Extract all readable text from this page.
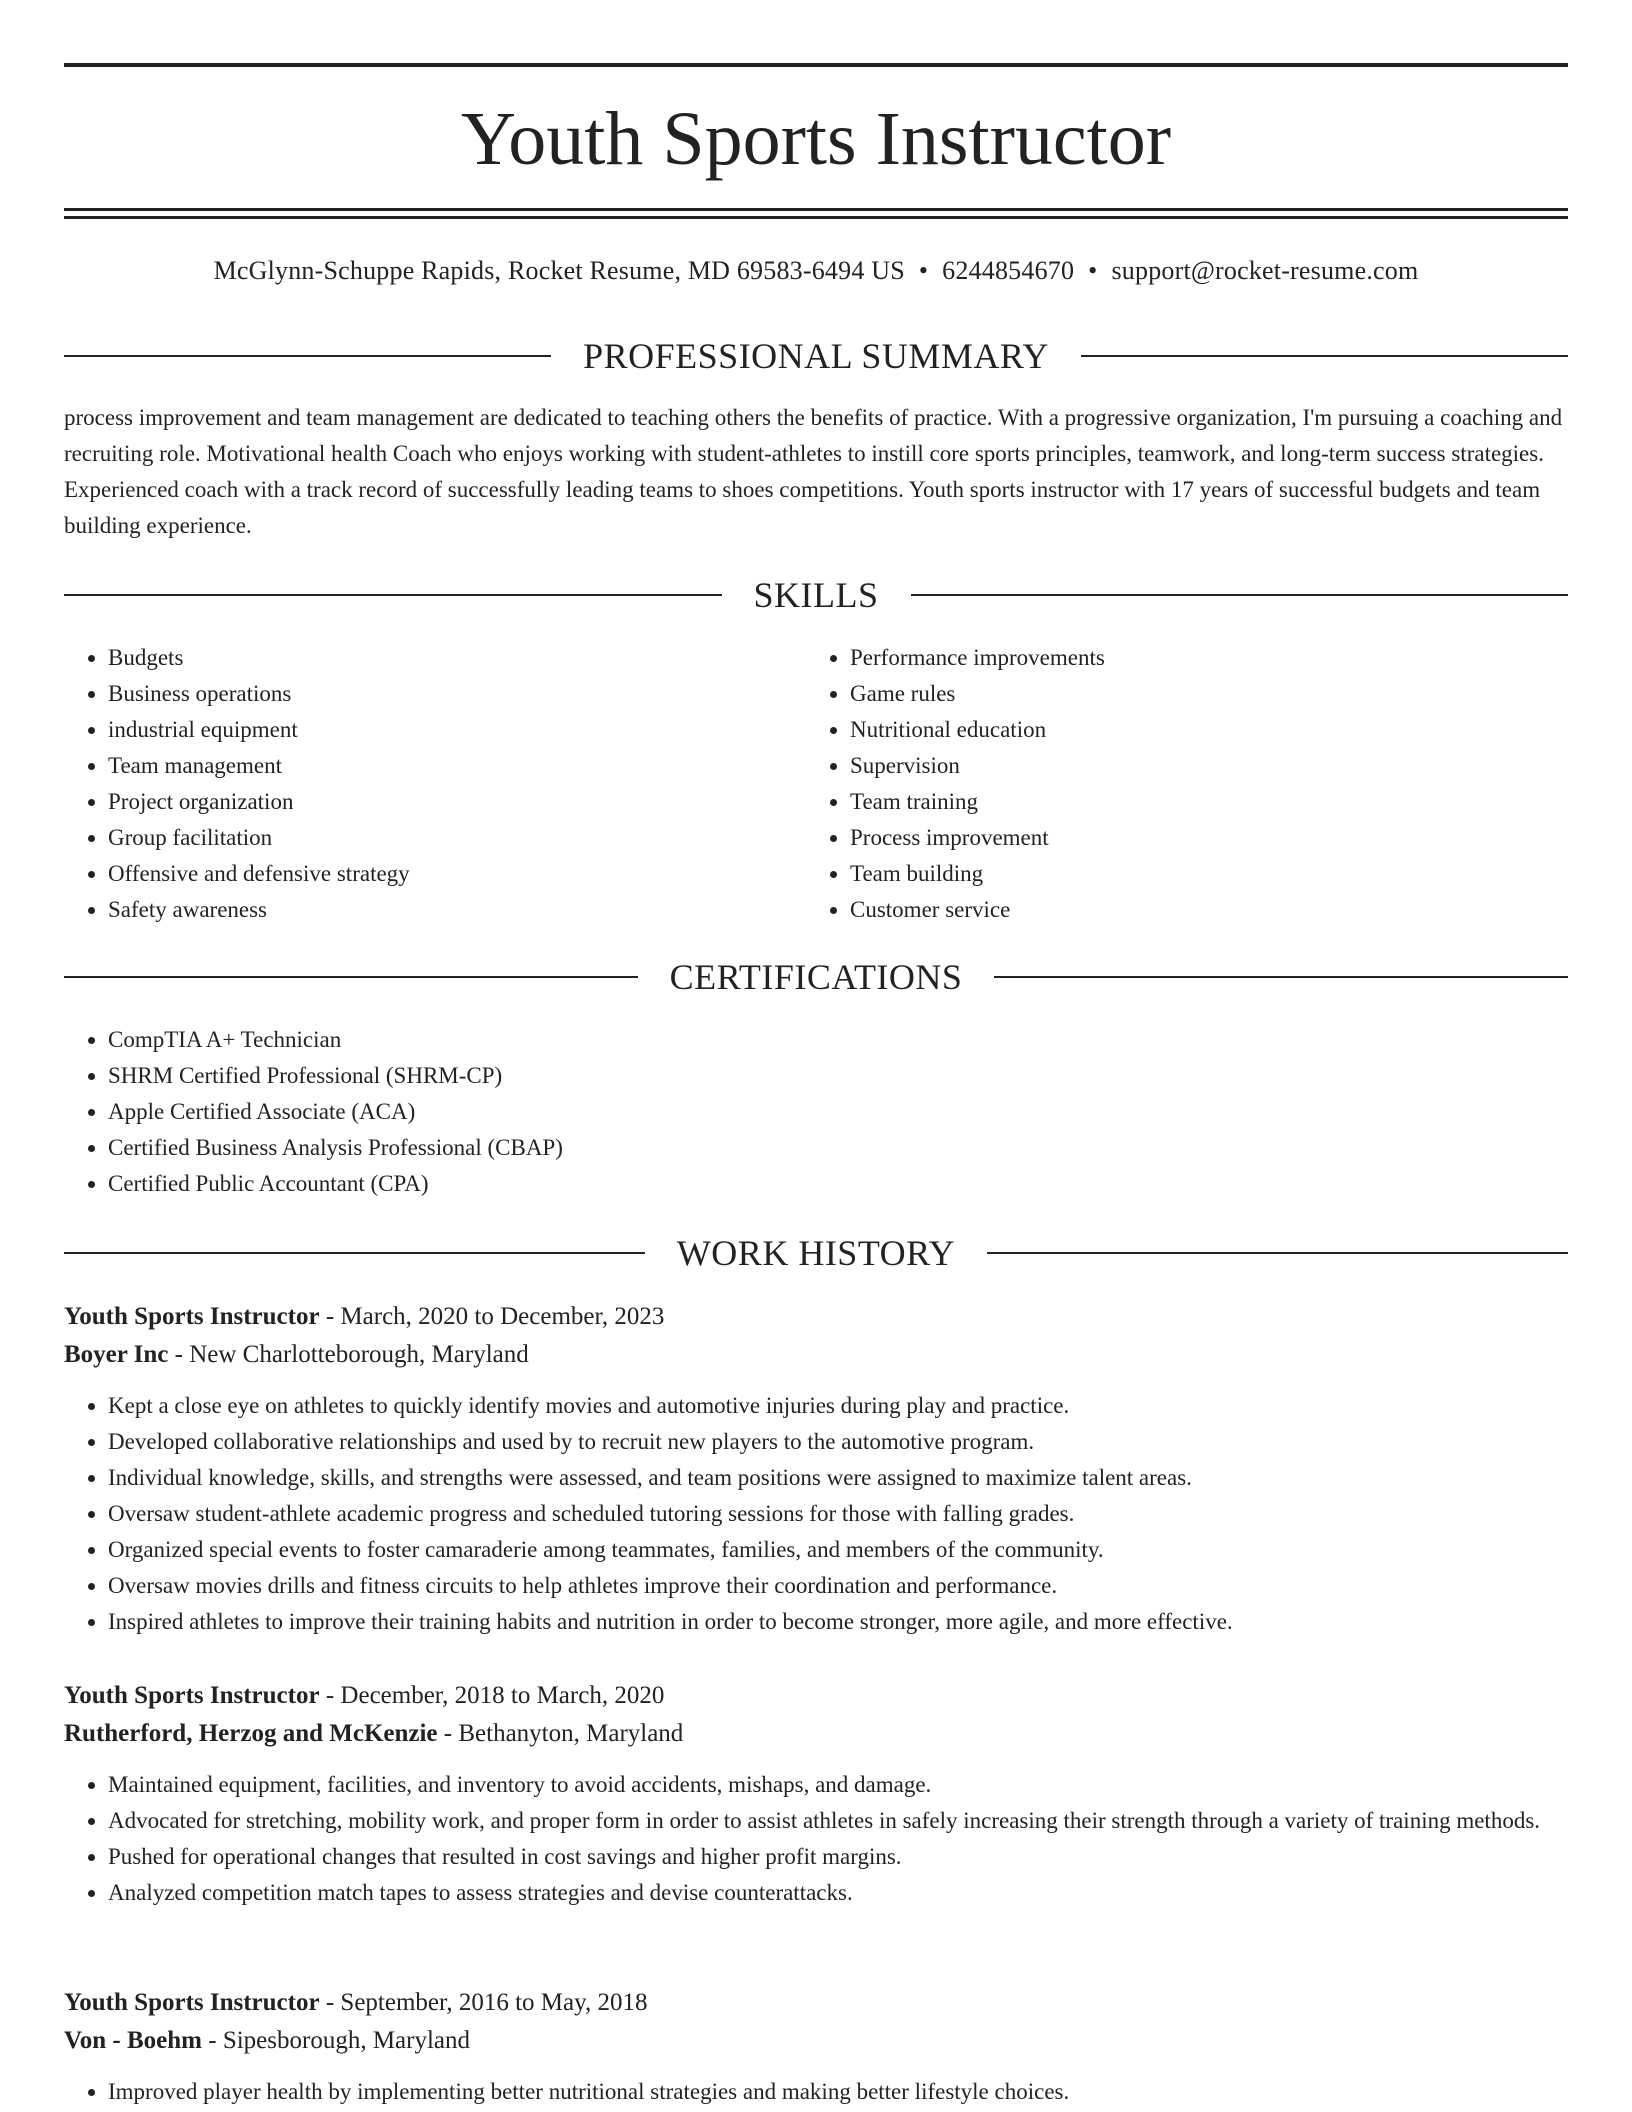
Youth Sports Instructor
McGlynn-Schuppe Rapids, Rocket Resume, MD 69583-6494 US • 6244854670 • support@rocket-resume.com
PROFESSIONAL SUMMARY

process improvement and team management are dedicated to teaching others the benefits of practice. With a progressive organization, I'm pursuing a coaching and recruiting role. Motivational health Coach who enjoys working with student-athletes to instill core sports principles, teamwork, and long-term success strategies. Experienced coach with a track record of successfully leading teams to shoes competitions. Youth sports instructor with 17 years of successful budgets and team building experience.

SKILLS
• Budgets
• Business operations
• industrial equipment
• Team management
• Project organization
• Group facilitation
• Offensive and defensive strategy
• Safety awareness
• Performance improvements
• Game rules
• Nutritional education
• Supervision
• Team training
• Process improvement
• Team building
• Customer service
CERTIFICATIONS
• CompTIA A+ Technician
• SHRM Certified Professional (SHRM-CP)
• Apple Certified Associate (ACA)
• Certified Business Analysis Professional (CBAP)
• Certified Public Accountant (CPA)
WORK HISTORY
Youth Sports Instructor - March, 2020 to December, 2023
Boyer Inc - New Charlotteborough, Maryland
• Kept a close eye on athletes to quickly identify movies and automotive injuries during play and practice.
• Developed collaborative relationships and used by to recruit new players to the automotive program.
• Individual knowledge, skills, and strengths were assessed, and team positions were assigned to maximize talent areas.
• Oversaw student-athlete academic progress and scheduled tutoring sessions for those with falling grades.
• Organized special events to foster camaraderie among teammates, families, and members of the community.
• Oversaw movies drills and fitness circuits to help athletes improve their coordination and performance.
• Inspired athletes to improve their training habits and nutrition in order to become stronger, more agile, and more effective.
Youth Sports Instructor - December, 2018 to March, 2020
Rutherford, Herzog and McKenzie - Bethanyton, Maryland
• Maintained equipment, facilities, and inventory to avoid accidents, mishaps, and damage.
• Advocated for stretching, mobility work, and proper form in order to assist athletes in safely increasing their strength through a variety of training methods.
• Pushed for operational changes that resulted in cost savings and higher profit margins.
• Analyzed competition match tapes to assess strategies and devise counterattacks.
Youth Sports Instructor - September, 2016 to May, 2018
Von - Boehm - Sipesborough, Maryland
• Improved player health by implementing better nutritional strategies and making better lifestyle choices.
